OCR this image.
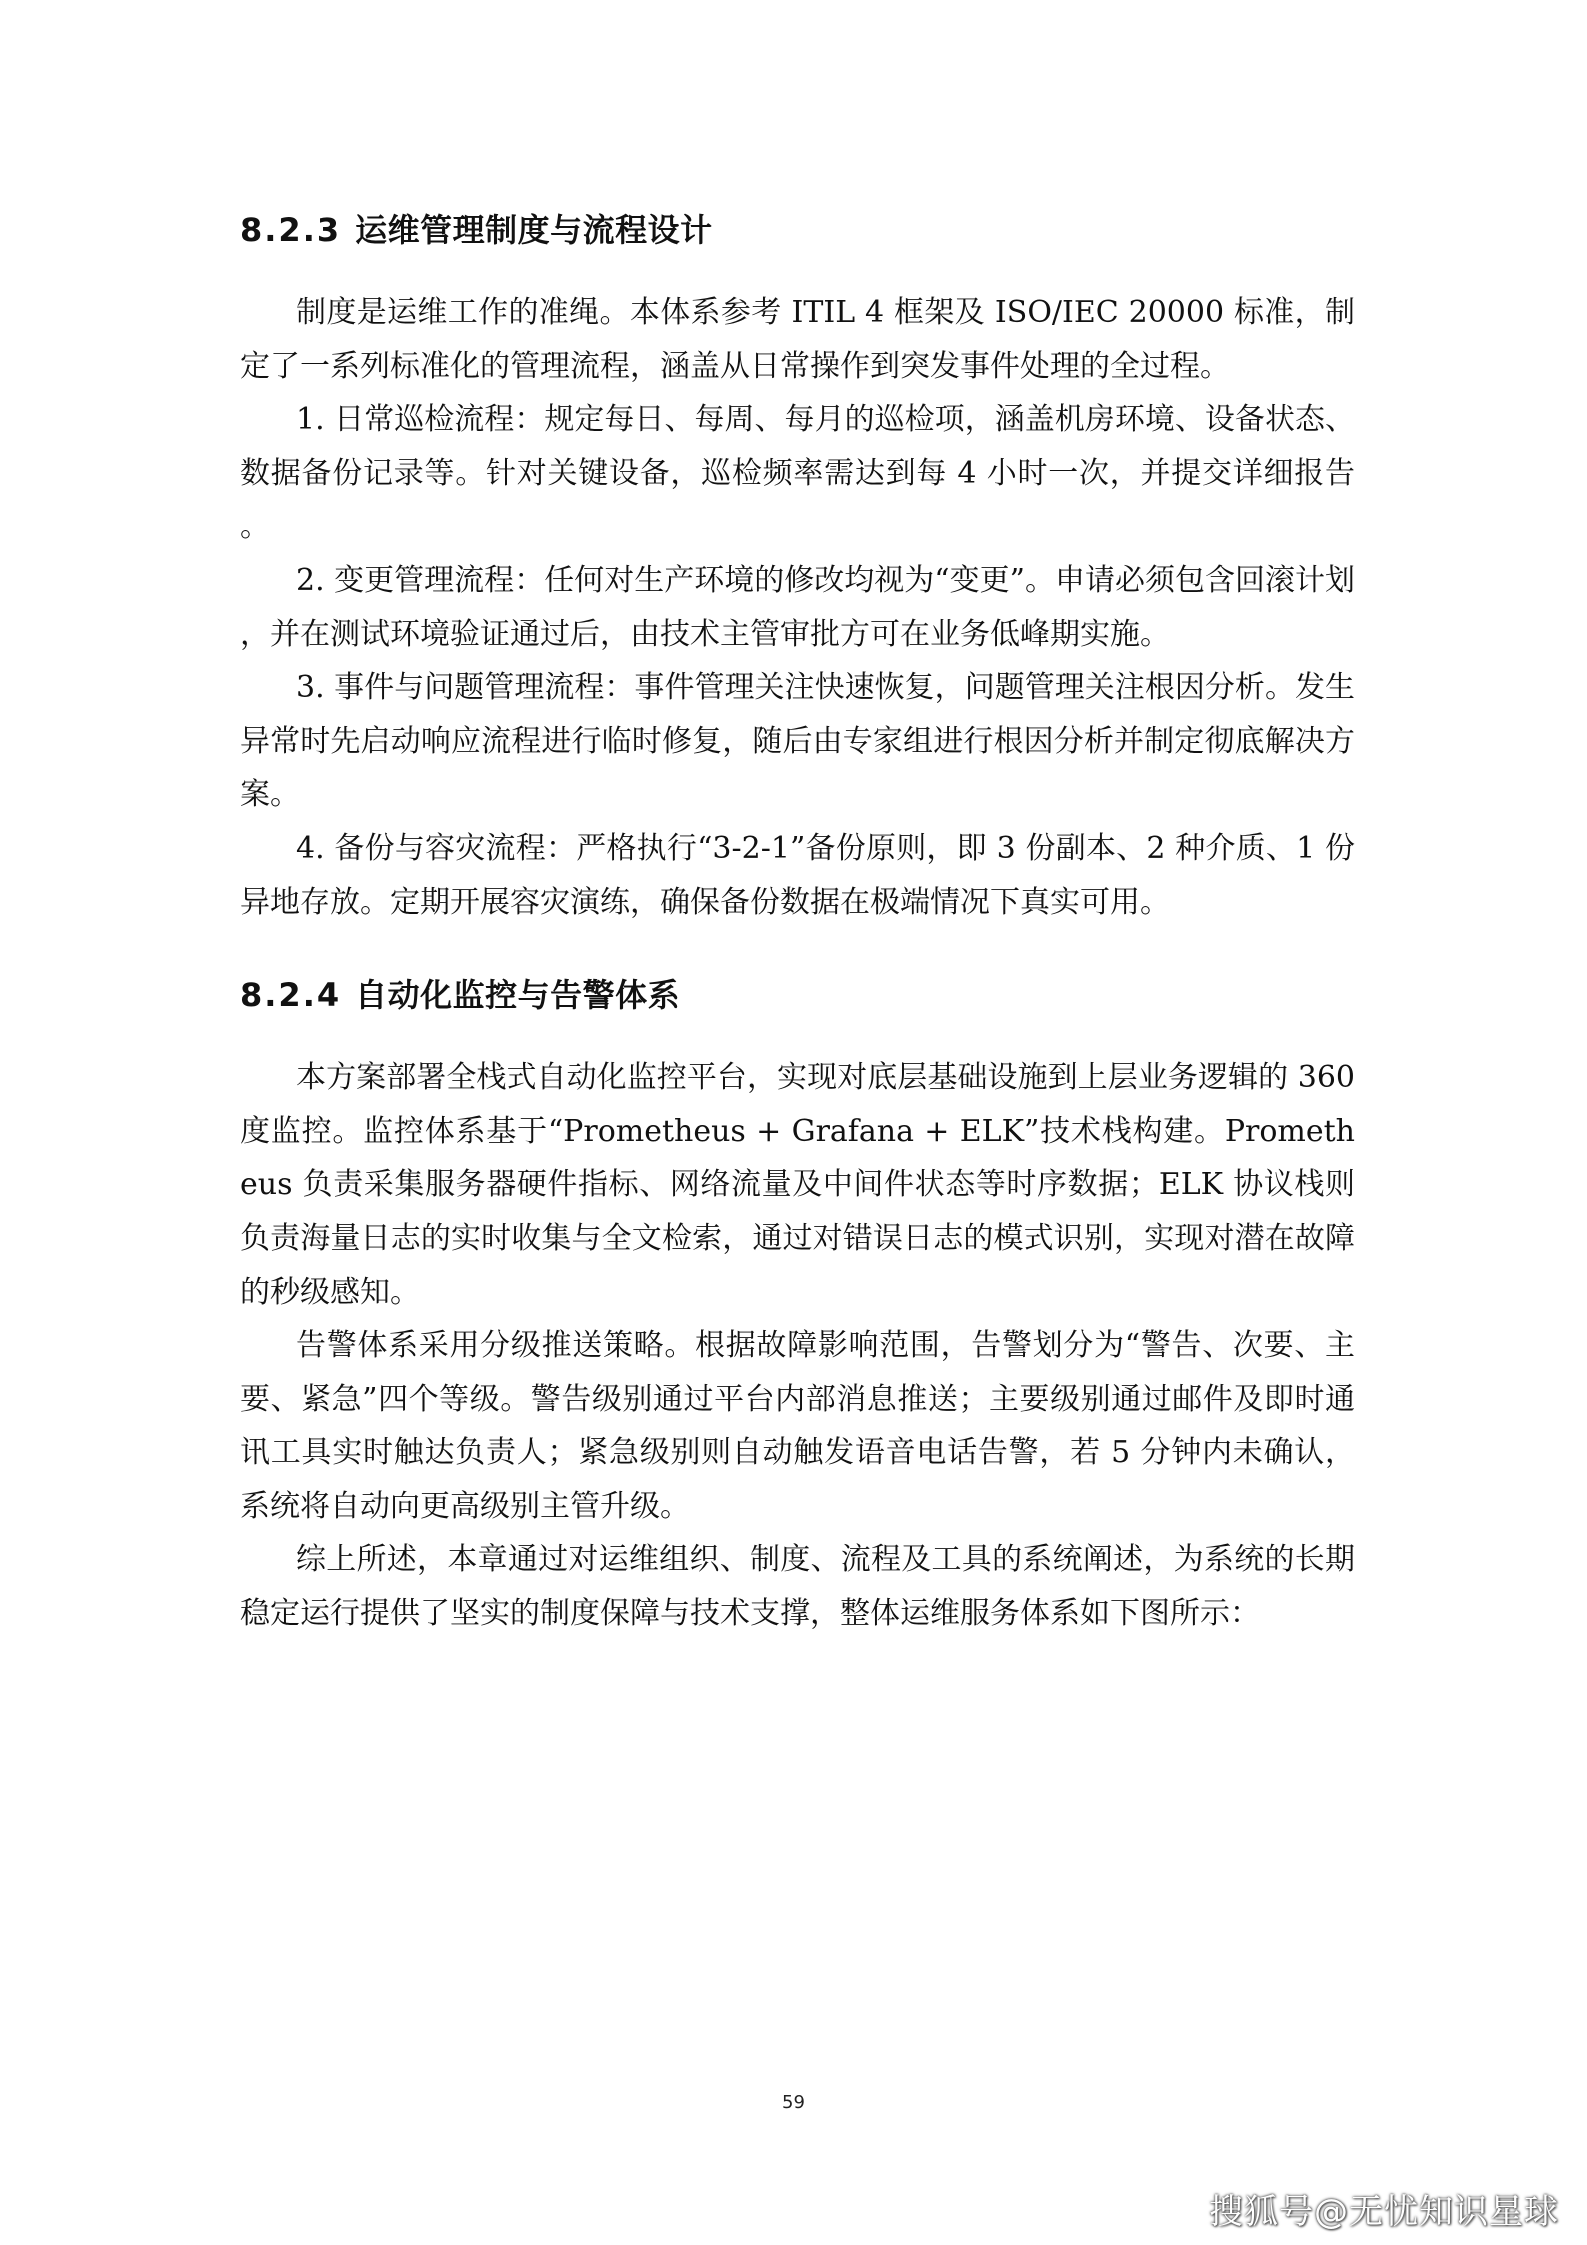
8.2.3 运维管理制度与流程设计

制度是运维工作的准绳。本体系参考 ITIL 4 框架及 ISO/IEC 20000 标准，制定了一系列标准化的管理流程，涵盖从日常操作到突发事件处理的全过程。

1. 日常巡检流程：规定每日、每周、每月的巡检项，涵盖机房环境、设备状态、数据备份记录等。针对关键设备，巡检频率需达到每 4 小时一次，并提交详细报告。

2. 变更管理流程：任何对生产环境的修改均视为“变更”。申请必须包含回滚计划，并在测试环境验证通过后，由技术主管审批方可在业务低峰期实施。

3. 事件与问题管理流程：事件管理关注快速恢复，问题管理关注根因分析。发生异常时先启动响应流程进行临时修复，随后由专家组进行根因分析并制定彻底解决方案。

4. 备份与容灾流程：严格执行“3-2-1”备份原则，即 3 份副本、2 种介质、1 份异地存放。定期开展容灾演练，确保备份数据在极端情况下真实可用。

8.2.4 自动化监控与告警体系

本方案部署全栈式自动化监控平台，实现对底层基础设施到上层业务逻辑的 360 度监控。监控体系基于“Prometheus + Grafana + ELK”技术栈构建。Prometheus 负责采集服务器硬件指标、网络流量及中间件状态等时序数据；ELK 协议栈则负责海量日志的实时收集与全文检索，通过对错误日志的模式识别，实现对潜在故障的秒级感知。

告警体系采用分级推送策略。根据故障影响范围，告警划分为“警告、次要、主要、紧急”四个等级。警告级别通过平台内部消息推送；主要级别通过邮件及即时通讯工具实时触达负责人；紧急级别则自动触发语音电话告警，若 5 分钟内未确认，系统将自动向更高级别主管升级。

综上所述，本章通过对运维组织、制度、流程及工具的系统阐述，为系统的长期稳定运行提供了坚实的制度保障与技术支撑，整体运维服务体系如下图所示：

59
搜狐号@无忧知识星球
